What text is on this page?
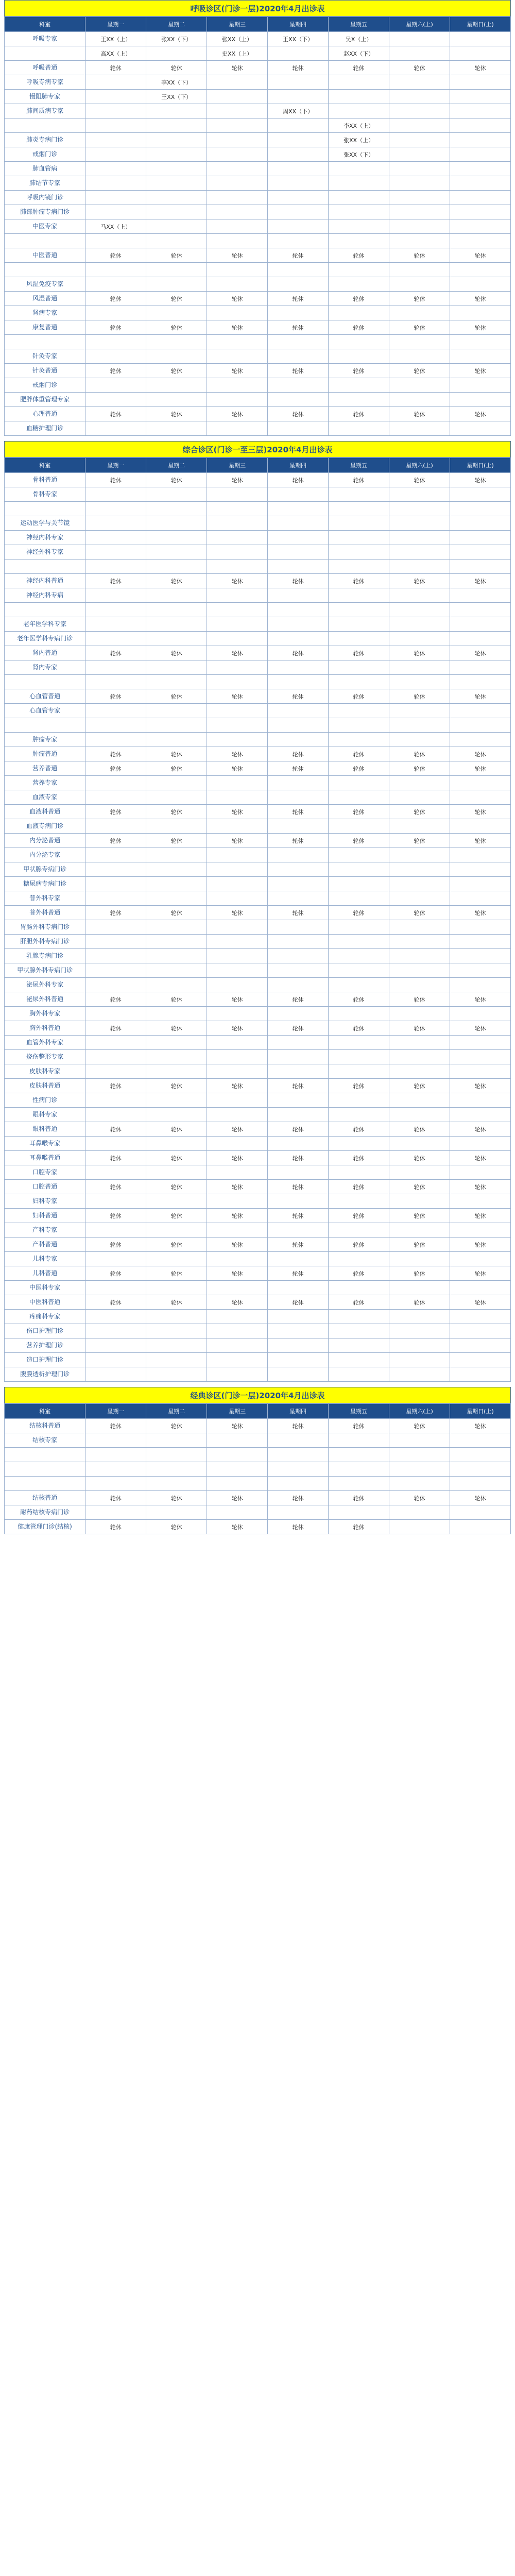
呼吸诊区(门诊一层)2020年4月出诊表
科室	星期一	星期二	星期三	星期四	星期五	星期六(上)	星期日(上)
呼吸专家	王XX（上）	张XX（下）	张XX（上）	王XX（下）	吴X（上）		
	高XX（上）		史XX（上）		赵XX（下）		
呼吸普通	轮休	轮休	轮休	轮休	轮休	轮休	轮休
呼吸专病专家		李XX（下）					
慢阻肺专家		王XX（下）					
肺间质病专家				周XX（下）			
					李XX（上）		
肺炎专病门诊					张XX（上）		
戒烟门诊					张XX（下）		
肺血管病							
肺结节专家							
呼吸内镜门诊							
肺部肿瘤专病门诊							
中医专家	马XX（上）						

中医普通	轮休	轮休	轮休	轮休	轮休	轮休	轮休

风湿免疫专家							
风湿普通	轮休	轮休	轮休	轮休	轮休	轮休	轮休
肾病专家							
康复普通	轮休	轮休	轮休	轮休	轮休	轮休	轮休

针灸专家							
针灸普通	轮休	轮休	轮休	轮休	轮休	轮休	轮休
戒烟门诊							
肥胖体重管理专家							
心理普通	轮休	轮休	轮休	轮休	轮休	轮休	轮休
血糖护理门诊							
综合诊区(门诊一至三层)2020年4月出诊表
科室	星期一	星期二	星期三	星期四	星期五	星期六(上)	星期日(上)
骨科普通	轮休	轮休	轮休	轮休	轮休	轮休	轮休
骨科专家							

运动医学与关节镜							
神经内科专家							
神经外科专家							

神经内科普通	轮休	轮休	轮休	轮休	轮休	轮休	轮休
神经内科专病							

老年医学科专家							
老年医学科专病门诊							
肾内普通	轮休	轮休	轮休	轮休	轮休	轮休	轮休
肾内专家							

心血管普通	轮休	轮休	轮休	轮休	轮休	轮休	轮休
心血管专家							

肿瘤专家							
肿瘤普通	轮休	轮休	轮休	轮休	轮休	轮休	轮休
营养普通	轮休	轮休	轮休	轮休	轮休	轮休	轮休
营养专家							
血液专家							
血液科普通	轮休	轮休	轮休	轮休	轮休	轮休	轮休
血液专病门诊							
内分泌普通	轮休	轮休	轮休	轮休	轮休	轮休	轮休
内分泌专家							
甲状腺专病门诊							
糖尿病专病门诊							
普外科专家							
普外科普通	轮休	轮休	轮休	轮休	轮休	轮休	轮休
胃肠外科专病门诊							
肝胆外科专病门诊							
乳腺专病门诊							
甲状腺外科专病门诊							
泌尿外科专家							
泌尿外科普通	轮休	轮休	轮休	轮休	轮休	轮休	轮休
胸外科专家							
胸外科普通	轮休	轮休	轮休	轮休	轮休	轮休	轮休
血管外科专家							
烧伤整形专家							
皮肤科专家							
皮肤科普通	轮休	轮休	轮休	轮休	轮休	轮休	轮休
性病门诊							
眼科专家							
眼科普通	轮休	轮休	轮休	轮休	轮休	轮休	轮休
耳鼻喉专家							
耳鼻喉普通	轮休	轮休	轮休	轮休	轮休	轮休	轮休
口腔专家							
口腔普通	轮休	轮休	轮休	轮休	轮休	轮休	轮休
妇科专家							
妇科普通	轮休	轮休	轮休	轮休	轮休	轮休	轮休
产科专家							
产科普通	轮休	轮休	轮休	轮休	轮休	轮休	轮休
儿科专家							
儿科普通	轮休	轮休	轮休	轮休	轮休	轮休	轮休
中医科专家							
中医科普通	轮休	轮休	轮休	轮休	轮休	轮休	轮休
疼痛科专家							
伤口护理门诊							
营养护理门诊							
造口护理门诊							
腹膜透析护理门诊							
经典诊区(门诊一层)2020年4月出诊表
科室	星期一	星期二	星期三	星期四	星期五	星期六(上)	星期日(上)
结核科普通	轮休	轮休	轮休	轮休	轮休	轮休	轮休
结核专家							

结核普通	轮休	轮休	轮休	轮休	轮休	轮休	轮休
耐药结核专病门诊							
健康管理门诊(结核)	轮休	轮休	轮休	轮休	轮休		
